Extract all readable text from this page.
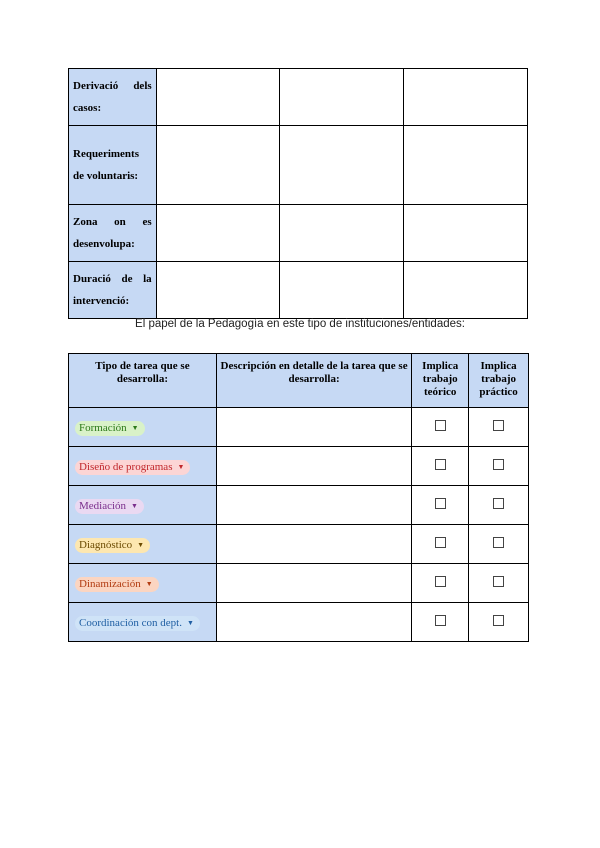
Derivació dels casos:			
Requeriments de voluntaris:			
Zona on es desenvolupa:			
Duració de la intervenció:			
El papel de la Pedagogía en este tipo de instituciones/entidades:
Tipo de tarea que se desarrolla:	Descripción en detalle de la tarea que se desarrolla:	Implica trabajo teórico	Implica trabajo práctico
Formación ▼			
Diseño de programas ▼			
Mediación ▼			
Diagnóstico ▼			
Dinamización ▼			
Coordinación con dept. ▼			
